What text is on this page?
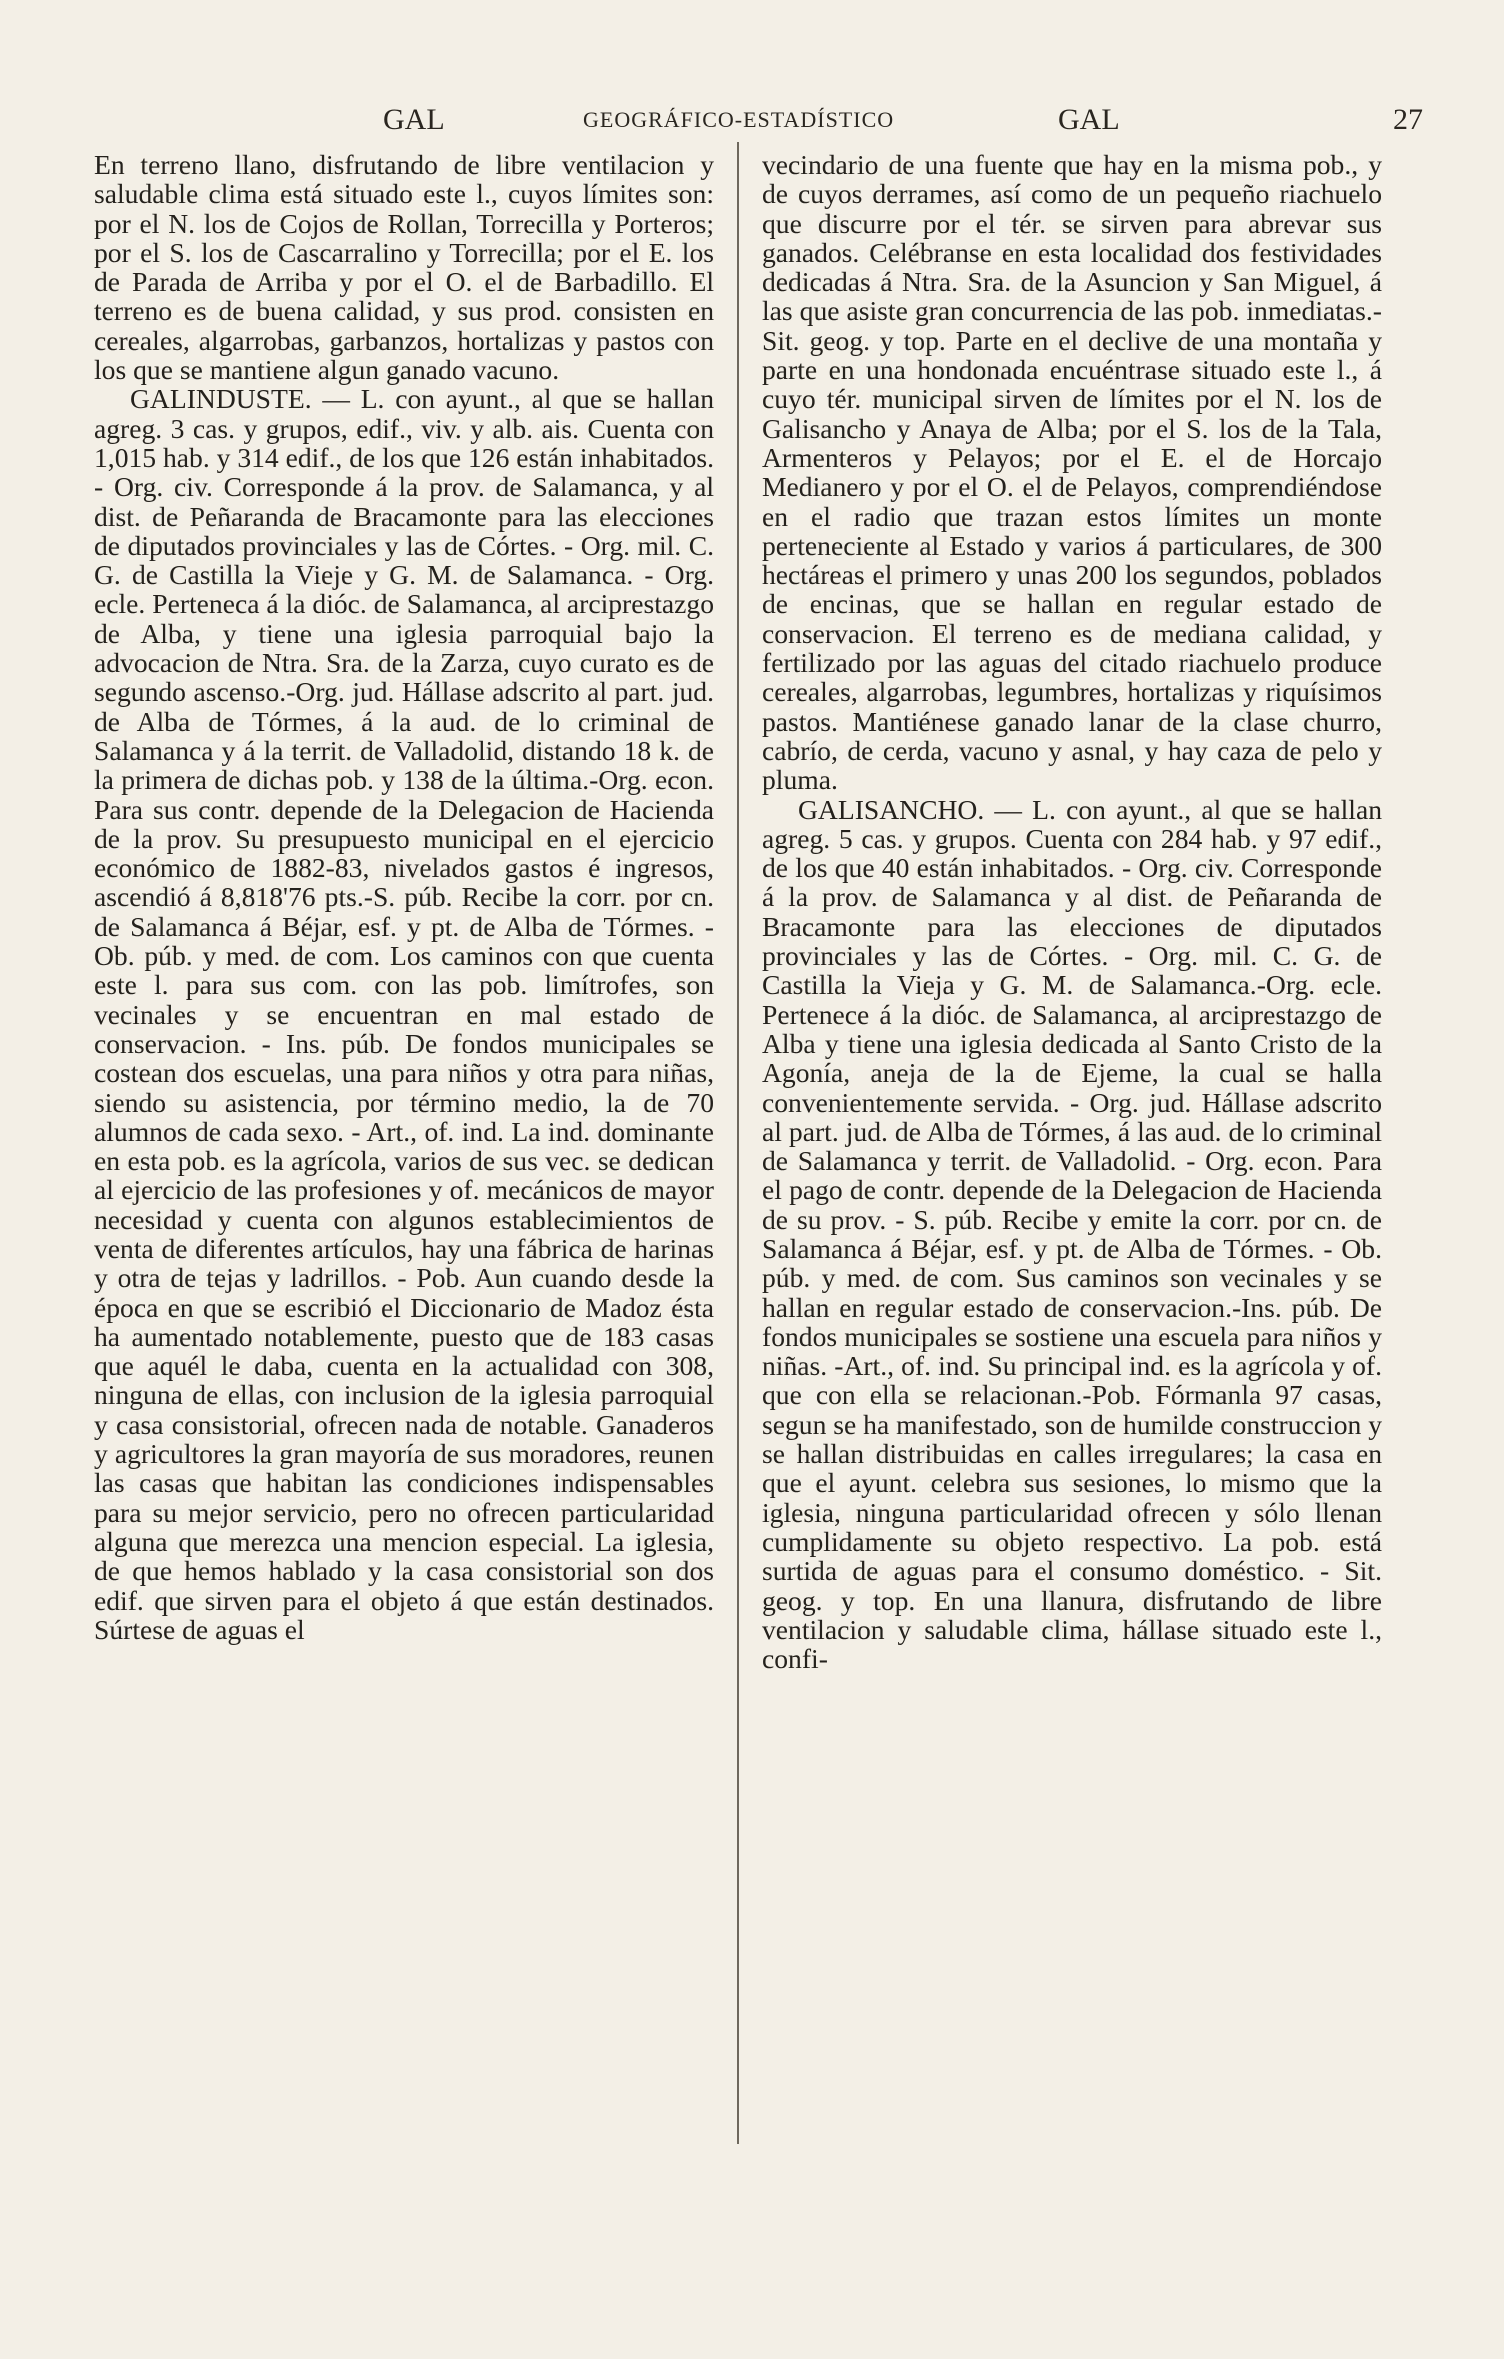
GAL	GEOGRÁFICO-ESTADÍSTICO	GAL	27

En terreno llano, disfrutando de libre ventilacion y saludable clima está situado este l., cuyos límites son: por el N. los de Cojos de Rollan, Torrecilla y Porteros; por el S. los de Cascarralino y Torrecilla; por el E. los de Parada de Arriba y por el O. el de Barbadillo. El terreno es de buena calidad, y sus prod. consisten en cereales, algarrobas, garbanzos, hortalizas y pastos con los que se mantiene algun ganado vacuno.

GALINDUSTE. — L. con ayunt., al que se hallan agreg. 3 cas. y grupos, edif., viv. y alb. ais. Cuenta con 1,015 hab. y 314 edif., de los que 126 están inhabitados. - Org. civ. Corresponde á la prov. de Salamanca, y al dist. de Peñaranda de Bracamonte para las elecciones de diputados provinciales y las de Córtes. - Org. mil. C. G. de Castilla la Vieje y G. M. de Salamanca. - Org. ecle. Perteneca á la dióc. de Salamanca, al arciprestazgo de Alba, y tiene una iglesia parroquial bajo la advocacion de Ntra. Sra. de la Zarza, cuyo curato es de segundo ascenso.-Org. jud. Hállase adscrito al part. jud. de Alba de Tórmes, á la aud. de lo criminal de Salamanca y á la territ. de Valladolid, distando 18 k. de la primera de dichas pob. y 138 de la última.-Org. econ. Para sus contr. depende de la Delegacion de Hacienda de la prov. Su presupuesto municipal en el ejercicio económico de 1882-83, nivelados gastos é ingresos, ascendió á 8,818'76 pts.-S. púb. Recibe la corr. por cn. de Salamanca á Béjar, esf. y pt. de Alba de Tórmes. -Ob. púb. y med. de com. Los caminos con que cuenta este l. para sus com. con las pob. limítrofes, son vecinales y se encuentran en mal estado de conservacion. - Ins. púb. De fondos municipales se costean dos escuelas, una para niños y otra para niñas, siendo su asistencia, por término medio, la de 70 alumnos de cada sexo. - Art., of. ind. La ind. dominante en esta pob. es la agrícola, varios de sus vec. se dedican al ejercicio de las profesiones y of. mecánicos de mayor necesidad y cuenta con algunos establecimientos de venta de diferentes artículos, hay una fábrica de harinas y otra de tejas y ladrillos. - Pob. Aun cuando desde la época en que se escribió el Diccionario de Madoz ésta ha aumentado notablemente, puesto que de 183 casas que aquél le daba, cuenta en la actualidad con 308, ninguna de ellas, con inclusion de la iglesia parroquial y casa consistorial, ofrecen nada de notable. Ganaderos y agricultores la gran mayoría de sus moradores, reunen las casas que habitan las condiciones indispensables para su mejor servicio, pero no ofrecen particularidad alguna que merezca una mencion especial. La iglesia, de que hemos hablado y la casa consistorial son dos edif. que sirven para el objeto á que están destinados. Súrtese de aguas el

vecindario de una fuente que hay en la misma pob., y de cuyos derrames, así como de un pequeño riachuelo que discurre por el tér. se sirven para abrevar sus ganados. Celébranse en esta localidad dos festividades dedicadas á Ntra. Sra. de la Asuncion y San Miguel, á las que asiste gran concurrencia de las pob. inmediatas.-Sit. geog. y top. Parte en el declive de una montaña y parte en una hondonada encuéntrase situado este l., á cuyo tér. municipal sirven de límites por el N. los de Galisancho y Anaya de Alba; por el S. los de la Tala, Armenteros y Pelayos; por el E. el de Horcajo Medianero y por el O. el de Pelayos, comprendiéndose en el radio que trazan estos límites un monte perteneciente al Estado y varios á particulares, de 300 hectáreas el primero y unas 200 los segundos, poblados de encinas, que se hallan en regular estado de conservacion. El terreno es de mediana calidad, y fertilizado por las aguas del citado riachuelo produce cereales, algarrobas, legumbres, hortalizas y riquísimos pastos. Mantiénese ganado lanar de la clase churro, cabrío, de cerda, vacuno y asnal, y hay caza de pelo y pluma.

GALISANCHO. — L. con ayunt., al que se hallan agreg. 5 cas. y grupos. Cuenta con 284 hab. y 97 edif., de los que 40 están inhabitados. - Org. civ. Corresponde á la prov. de Salamanca y al dist. de Peñaranda de Bracamonte para las elecciones de diputados provinciales y las de Córtes. - Org. mil. C. G. de Castilla la Vieja y G. M. de Salamanca.-Org. ecle. Pertenece á la dióc. de Salamanca, al arciprestazgo de Alba y tiene una iglesia dedicada al Santo Cristo de la Agonía, aneja de la de Ejeme, la cual se halla convenientemente servida. - Org. jud. Hállase adscrito al part. jud. de Alba de Tórmes, á las aud. de lo criminal de Salamanca y territ. de Valladolid. - Org. econ. Para el pago de contr. depende de la Delegacion de Hacienda de su prov. - S. púb. Recibe y emite la corr. por cn. de Salamanca á Béjar, esf. y pt. de Alba de Tórmes. - Ob. púb. y med. de com. Sus caminos son vecinales y se hallan en regular estado de conservacion.-Ins. púb. De fondos municipales se sostiene una escuela para niños y niñas. -Art., of. ind. Su principal ind. es la agrícola y of. que con ella se relacionan.-Pob. Fórmanla 97 casas, segun se ha manifestado, son de humilde construccion y se hallan distribuidas en calles irregulares; la casa en que el ayunt. celebra sus sesiones, lo mismo que la iglesia, ninguna particularidad ofrecen y sólo llenan cumplidamente su objeto respectivo. La pob. está surtida de aguas para el consumo doméstico. - Sit. geog. y top. En una llanura, disfrutando de libre ventilacion y saludable clima, hállase situado este l., confi-
